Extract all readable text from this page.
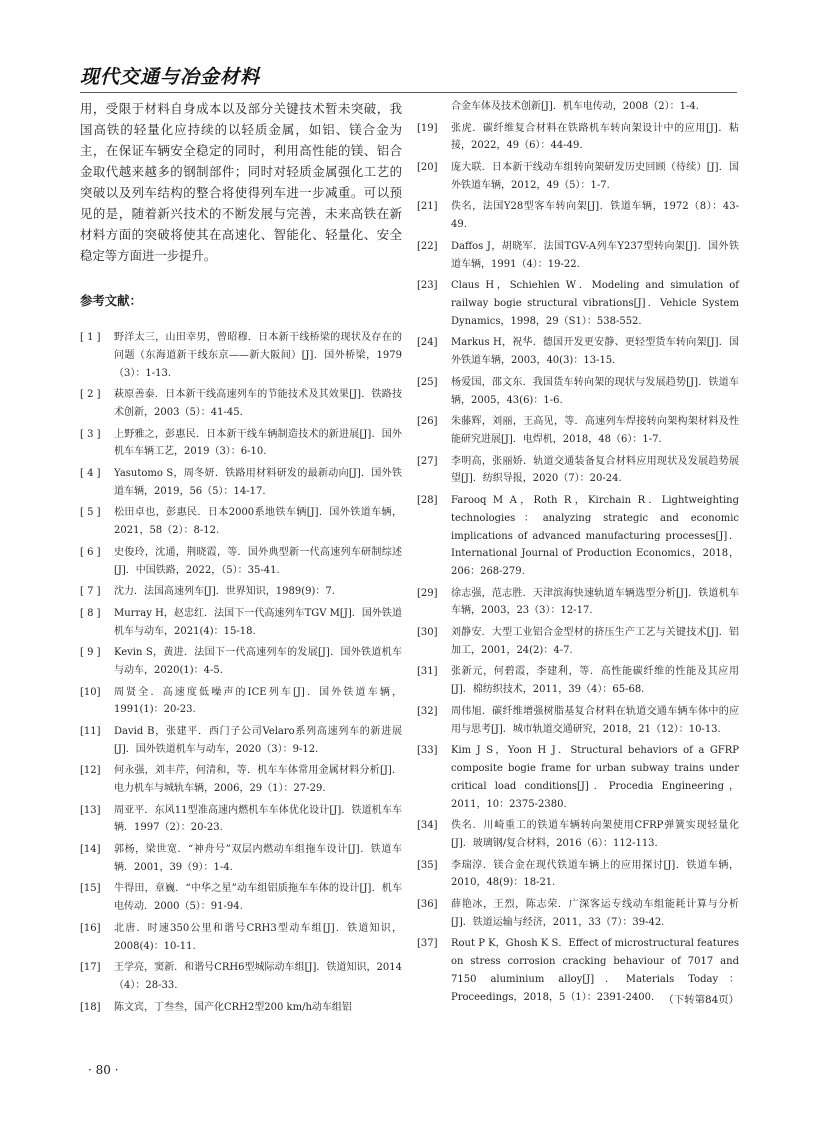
现代交通与冶金材料

用，受限于材料自身成本以及部分关键技术暂未突破，我国高铁的轻量化应持续的以轻质金属，如铝、镁合金为主，在保证车辆安全稳定的同时，利用高性能的镁、铝合金取代越来越多的钢制部件；同时对轻质金属强化工艺的突破以及列车结构的整合将使得列车进一步减重。可以预见的是，随着新兴技术的不断发展与完善，未来高铁在新材料方面的突破将使其在高速化、智能化、轻量化、安全稳定等方面进一步提升。

参考文献：
[ 1 ]	野洋太三，山田幸男，曾昭穆．日本新干线桥梁的现状及存在的问题（东海道新干线东京——新大阪间）[J]．国外桥梁，1979（3）：1-13.
[ 2 ]	萩原善泰．日本新干线高速列车的节能技术及其效果[J]．铁路技术创新，2003（5）：41-45.
[ 3 ]	上野雅之，彭惠民．日本新干线车辆制造技术的新进展[J]．国外机车车辆工艺，2019（3）：6-10.
[ 4 ]	Yasutomo S，周冬妍．铁路用材料研发的最新动向[J]．国外铁道车辆，2019，56（5）：14-17.
[ 5 ]	松田卓也，彭惠民．日本2000系地铁车辆[J]．国外铁道车辆，2021，58（2）：8-12.
[ 6 ]	史俊玲，沈通，荆晓霞，等．国外典型新一代高速列车研制综述[J]．中国铁路，2022，（5）：35-41.
[ 7 ]	沈力．法国高速列车[J]．世界知识，1989(9)：7.
[ 8 ]	Murray H，赵忠红．法国下一代高速列车TGV M[J]．国外铁道机车与动车，2021(4)：15-18.
[ 9 ]	Kevin S，黄进．法国下一代高速列车的发展[J]．国外铁道机车与动车，2020(1)：4-5.
[10]	周贤全．高速度低噪声的ICE列车[J]．国外铁道车辆，1991(1)：20-23.
[11]	David B，张建平．西门子公司Velaro系列高速列车的新进展[J]．国外铁道机车与动车，2020（3）：9-12.
[12]	何永强，刘丰芹，何清和，等．机车车体常用金属材料分析[J]．电力机车与城轨车辆，2006，29（1）：27-29.
[13]	周亚平．东风11型准高速内燃机车车体优化设计[J]．铁道机车车辆．1997（2）：20-23.
[14]	郭杨，梁世宽．“神舟号”双层内燃动车组拖车设计[J]．铁道车辆．2001，39（9）：1-4.
[15]	牛得田，章巍．“中华之星”动车组铝质拖车车体的设计[J]．机车电传动．2000（5）：91-94.
[16]	北唐．时速350公里和谐号CRH3型动车组[J]．铁道知识，2008(4)：10-11.
[17]	王学亮，窦新．和谐号CRH6型城际动车组[J]．铁道知识，2014（4）：28-33.
[18]	陈文宾，丁叁叁，国产化CRH2型200 km/h动车组铝
合金车体及技术创新[J]．机车电传动，2008（2）：1-4.
[19]	张虎．碳纤维复合材料在铁路机车转向架设计中的应用[J]．粘接，2022，49（6）：44-49.
[20]	庞大联．日本新干线动车组转向架研发历史回顾（待续）[J]．国外铁道车辆，2012，49（5）：1-7.
[21]	佚名，法国Y28型客车转向架[J]．铁道车辆，1972（8）：43-49.
[22]	Daffos J，胡晓军．法国TGV-A列车Y237型转向架[J]．国外铁道车辆，1991（4）：19-22.
[23]	Claus H，Schiehlen W．Modeling and simulation of railway bogie structural vibrations[J]．Vehicle System Dynamics，1998，29（S1）：538-552.
[24]	Markus H，祝华．德国开发更安静、更轻型货车转向架[J]．国外铁道车辆，2003，40(3)：13-15.
[25]	杨爱国，邵文东．我国货车转向架的现状与发展趋势[J]．铁道车辆，2005，43(6)：1-6.
[26]	朱藤辉，刘丽，王高见，等．高速列车焊接转向架构架材料及性能研究进展[J]．电焊机，2018，48（6）：1-7.
[27]	李明高，张丽娇．轨道交通装备复合材料应用现状及发展趋势展望[J]．纺织导报，2020（7）：20-24.
[28]	Farooq M A，Roth R，Kirchain R．Lightweighting technologies：analyzing strategic and economic implications of advanced manufacturing processes[J]．International Journal of Production Economics，2018，206：268-279.
[29]	徐志强，范志胜．天津滨海快速轨道车辆选型分析[J]．铁道机车车辆，2003，23（3）：12-17.
[30]	刘静安．大型工业铝合金型材的挤压生产工艺与关键技术[J]．铝加工，2001，24(2)：4-7.
[31]	张新元，何碧霞，李建利，等．高性能碳纤维的性能及其应用[J]．棉纺织技术，2011，39（4）：65-68.
[32]	周伟旭．碳纤维增强树脂基复合材料在轨道交通车辆车体中的应用与思考[J]．城市轨道交通研究，2018，21（12）：10-13.
[33]	Kim J S，Yoon H J．Structural behaviors of a GFRP composite bogie frame for urban subway trains under critical load conditions[J]．Procedia Engineering，2011，10：2375-2380.
[34]	佚名．川崎重工的铁道车辆转向架使用CFRP弹簧实现轻量化[J]．玻璃钢/复合材料，2016（6）：112-113.
[35]	李瑞淳．镁合金在现代铁道车辆上的应用探讨[J]．铁道车辆，2010，48(9)：18-21.
[36]	薛艳冰，王烈，陈志荣．广深客运专线动车组能耗计算与分析[J]．铁道运输与经济，2011，33（7）：39-42.
[37]	Rout P K，Ghosh K S．Effect of microstructural features on stress corrosion cracking behaviour of 7017 and 7150 aluminium alloy[J]．Materials Today：Proceedings，2018，5（1）：2391-2400. （下转第84页）
· 80 ·
